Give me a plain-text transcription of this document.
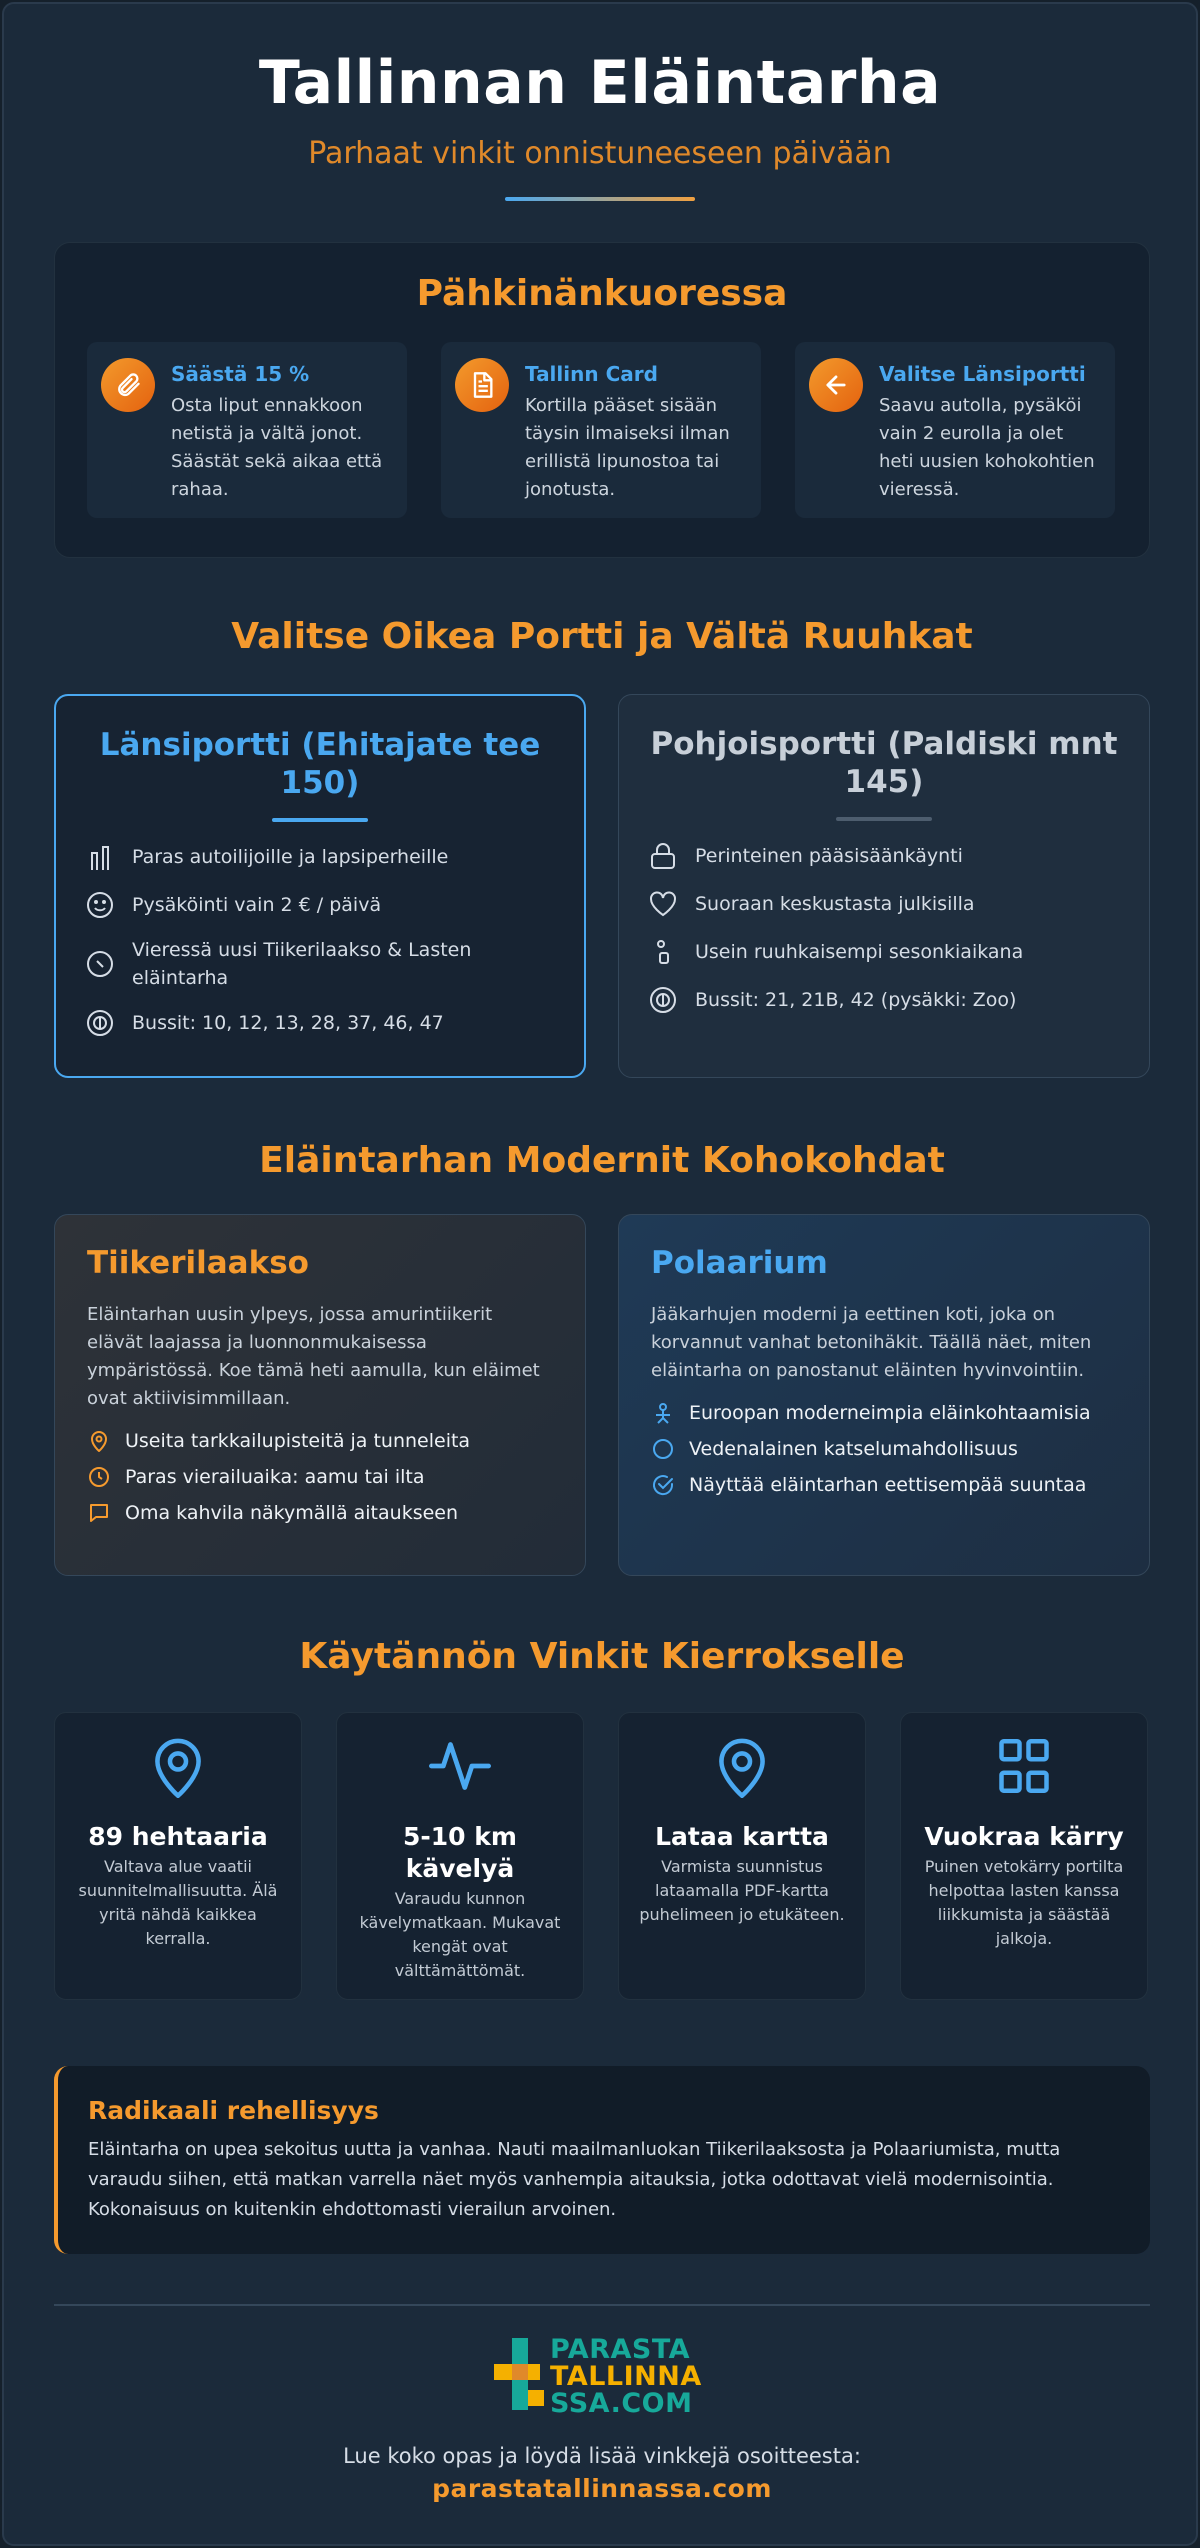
Tallinnan Eläintarha
Parhaat vinkit onnistuneeseen päivään
Pähkinänkuoressa
Säästä 15 %
Osta liput ennakkoon netistä ja vältä jonot. Säästät sekä aikaa että rahaa.
Tallinn Card
Kortilla pääset sisään täysin ilmaiseksi ilman erillistä lipunostoa tai jonotusta.
Valitse Länsiportti
Saavu autolla, pysäköi vain 2 eurolla ja olet heti uusien kohokohtien vieressä.
Valitse Oikea Portti ja Vältä Ruuhkat
Länsiportti (Ehitajate tee 150)
Paras autoilijoille ja lapsiperheille
Pysäköinti vain 2 € / päivä
Vieressä uusi Tiikerilaakso & Lasten eläintarha
Bussit: 10, 12, 13, 28, 37, 46, 47
Pohjoisportti (Paldiski mnt 145)
Perinteinen pääsisäänkäynti
Suoraan keskustasta julkisilla
Usein ruuhkaisempi sesonkiaikana
Bussit: 21, 21B, 42 (pysäkki: Zoo)
Eläintarhan Modernit Kohokohdat
Tiikerilaakso
Eläintarhan uusin ylpeys, jossa amurintiikerit elävät laajassa ja luonnonmukaisessa ympäristössä. Koe tämä heti aamulla, kun eläimet ovat aktiivisimmillaan.
Useita tarkkailupisteitä ja tunneleita
Paras vierailuaika: aamu tai ilta
Oma kahvila näkymällä aitaukseen
Polaarium
Jääkarhujen moderni ja eettinen koti, joka on korvannut vanhat betonihäkit. Täällä näet, miten eläintarha on panostanut eläinten hyvinvointiin.
Euroopan moderneimpia eläinkohtaamisia
Vedenalainen katselumahdollisuus
Näyttää eläintarhan eettisempää suuntaa
Käytännön Vinkit Kierrokselle
89 hehtaaria
Valtava alue vaatii suunnitelmallisuutta. Älä yritä nähdä kaikkea kerralla.
5-10 km kävelyä
Varaudu kunnon kävelymatkaan. Mukavat kengät ovat välttämättömät.
Lataa kartta
Varmista suunnistus lataamalla PDF-kartta puhelimeen jo etukäteen.
Vuokraa kärry
Puinen vetokärry portilta helpottaa lasten kanssa liikkumista ja säästää jalkoja.
Radikaali rehellisyys
Eläintarha on upea sekoitus uutta ja vanhaa. Nauti maailmanluokan Tiikerilaaksosta ja Polaariumista, mutta varaudu siihen, että matkan varrella näet myös vanhempia aitauksia, jotka odottavat vielä modernisointia. Kokonaisuus on kuitenkin ehdottomasti vierailun arvoinen.
PARASTA
TALLINNA
SSA.COM
Lue koko opas ja löydä lisää vinkkejä osoitteesta:
parastatallinnassa.com
